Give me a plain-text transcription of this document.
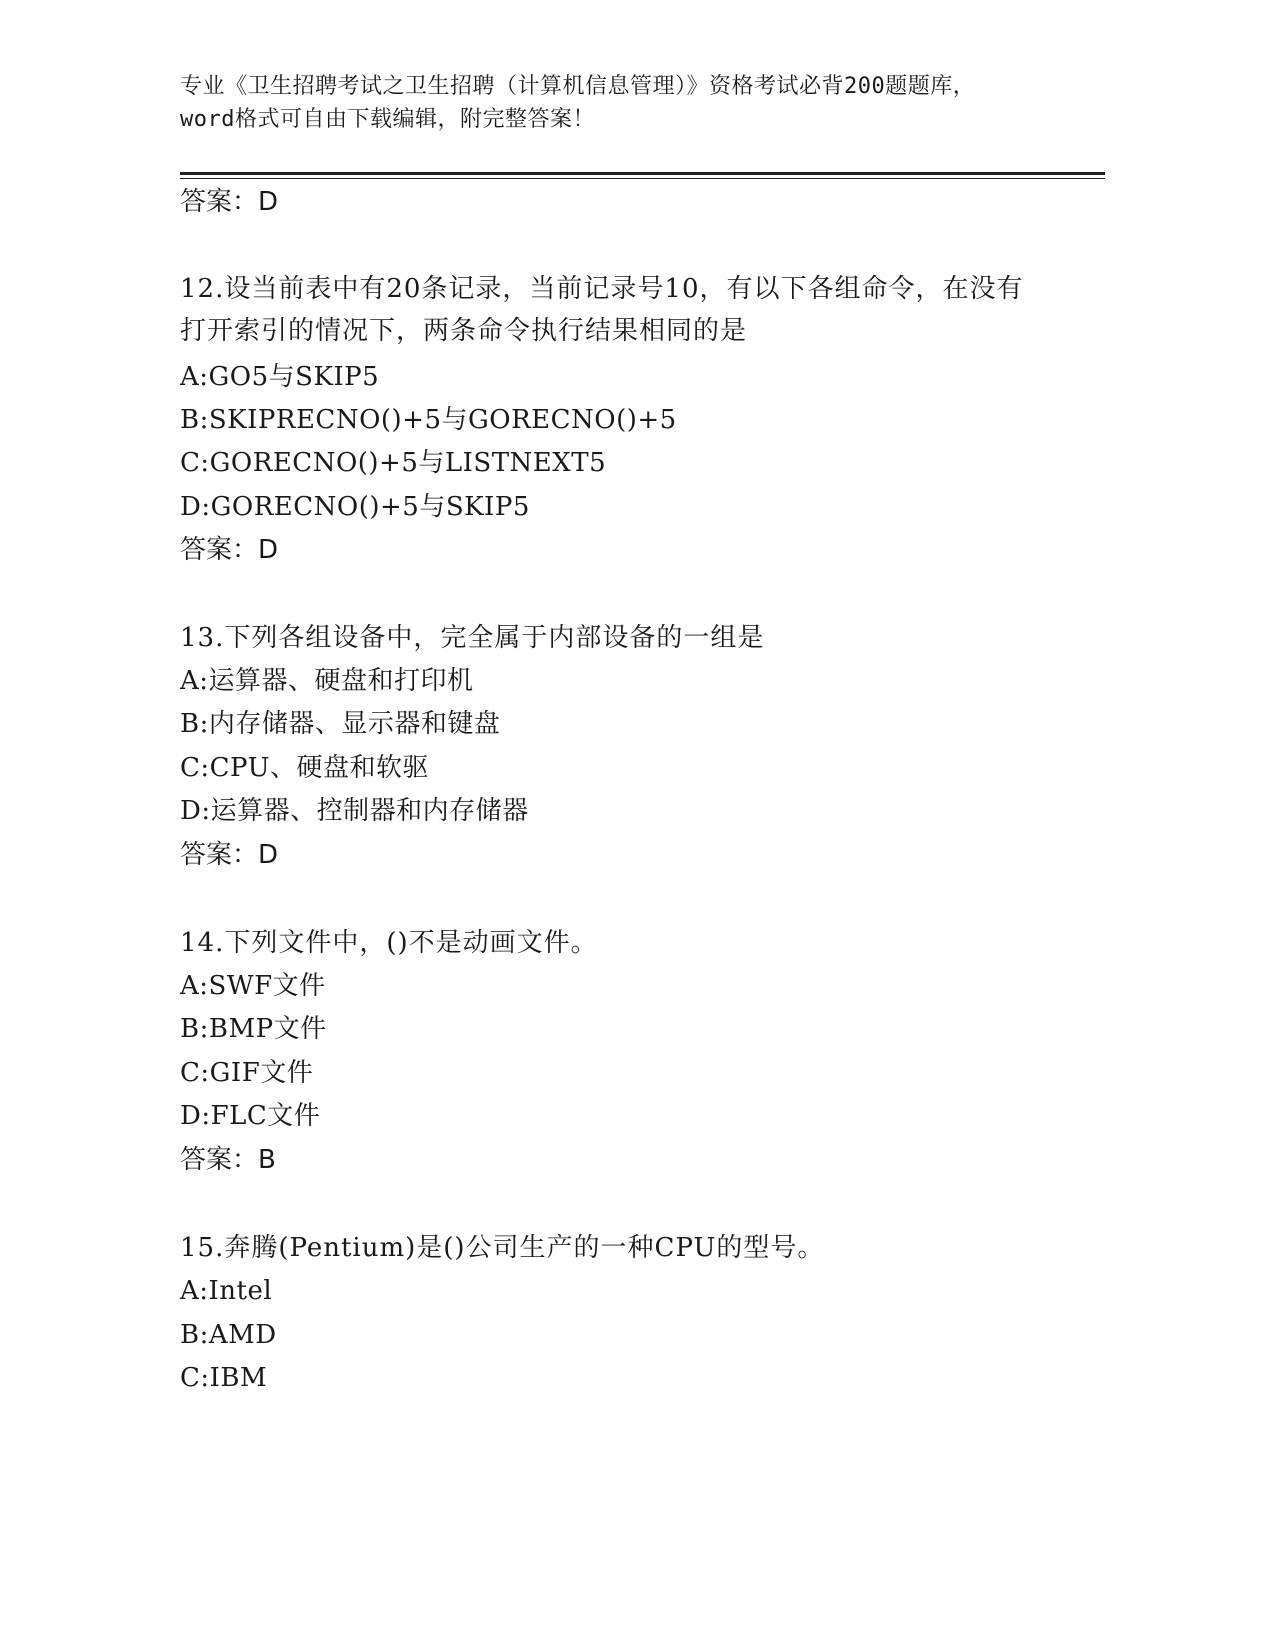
专业《卫生招聘考试之卫生招聘（计算机信息管理）》资格考试必背200题题库，
word格式可自由下载编辑，附完整答案！
答案：D
12.设当前表中有20条记录，当前记录号10，有以下各组命令，在没有打开索引的情况下，两条命令执行结果相同的是
A:GO5与SKIP5
B:SKIPRECNO()+5与GORECNO()+5
C:GORECNO()+5与LISTNEXT5
D:GORECNO()+5与SKIP5
答案：D
13.下列各组设备中，完全属于内部设备的一组是
A:运算器、硬盘和打印机
B:内存储器、显示器和键盘
C:CPU、硬盘和软驱
D:运算器、控制器和内存储器
答案：D
14.下列文件中，()不是动画文件。
A:SWF文件
B:BMP文件
C:GIF文件
D:FLC文件
答案：B
15.奔腾(Pentium)是()公司生产的一种CPU的型号。
A:Intel
B:AMD
C:IBM
